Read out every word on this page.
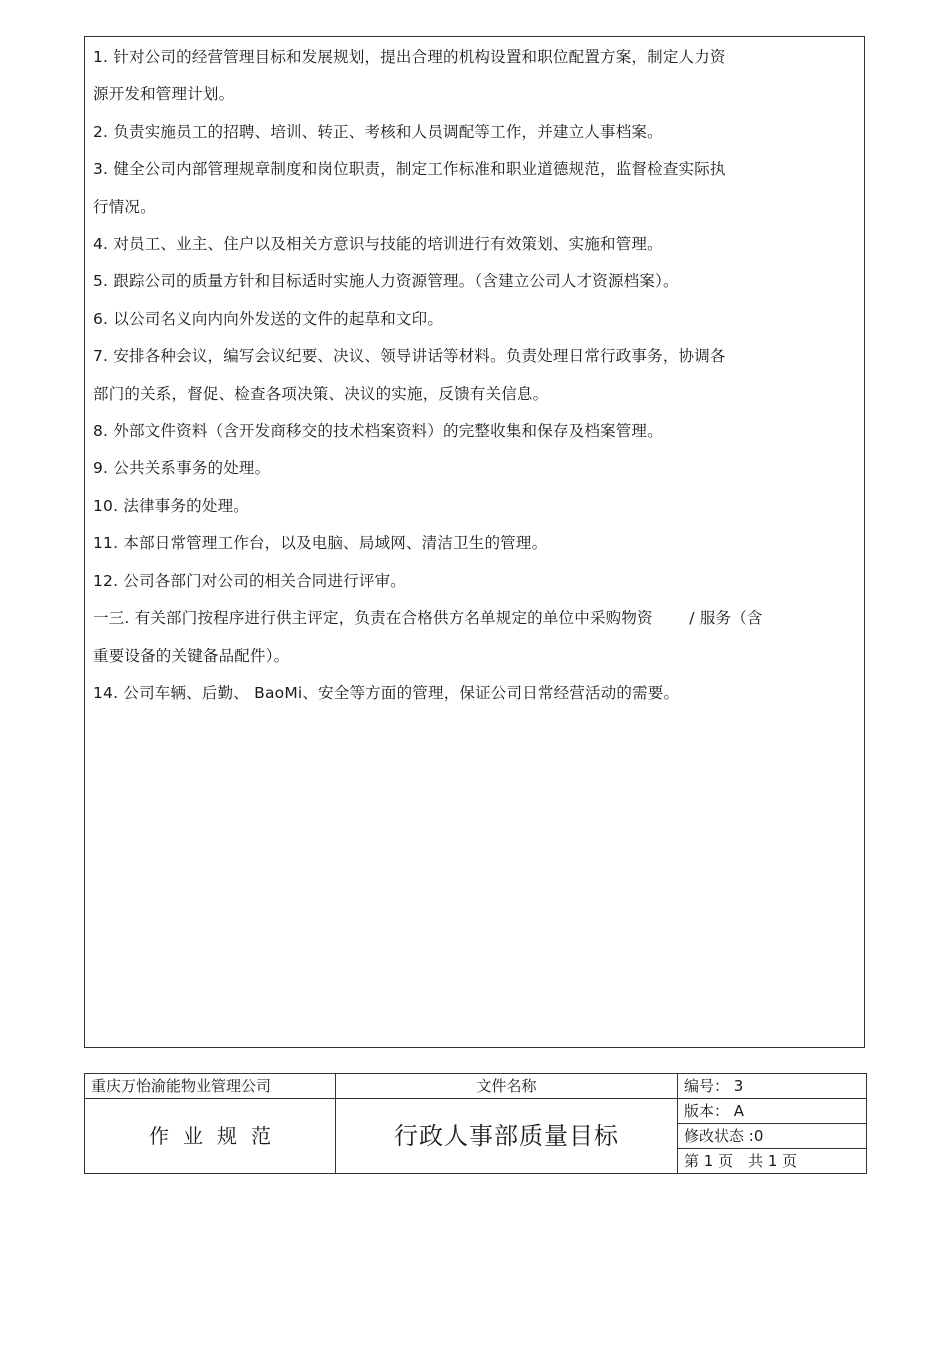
1. 针对公司的经营管理目标和发展规划，提出合理的机构设置和职位配置方案，制定人力资
源开发和管理计划。
2. 负责实施员工的招聘、培训、转正、考核和人员调配等工作，并建立人事档案。
3. 健全公司内部管理规章制度和岗位职责，制定工作标准和职业道德规范，监督检查实际执
行情况。
4. 对员工、业主、住户以及相关方意识与技能的培训进行有效策划、实施和管理。
5. 跟踪公司的质量方针和目标适时实施人力资源管理。（含建立公司人才资源档案）。
6. 以公司名义向内向外发送的文件的起草和文印。
7. 安排各种会议，编写会议纪要、决议、领导讲话等材料。负责处理日常行政事务，协调各
部门的关系，督促、检查各项决策、决议的实施，反馈有关信息。
8. 外部文件资料（含开发商移交的技术档案资料）的完整收集和保存及档案管理。
9. 公共关系事务的处理。
10. 法律事务的处理。
11. 本部日常管理工作台，以及电脑、局域网、清洁卫生的管理。
12. 公司各部门对公司的相关合同进行评审。
一三. 有关部门按程序进行供主评定，负责在合格供方名单规定的单位中采购物资 　　/ 服务（含
重要设备的关键备品配件）。
14. 公司车辆、后勤、 BaoMi、安全等方面的管理，保证公司日常经营活动的需要。
重庆万怡渝能物业管理公司	文件名称	编号： 3
作业规范	行政人事部质量目标	版本： A
		修改状态 :0
		第 1 页　共 1 页
